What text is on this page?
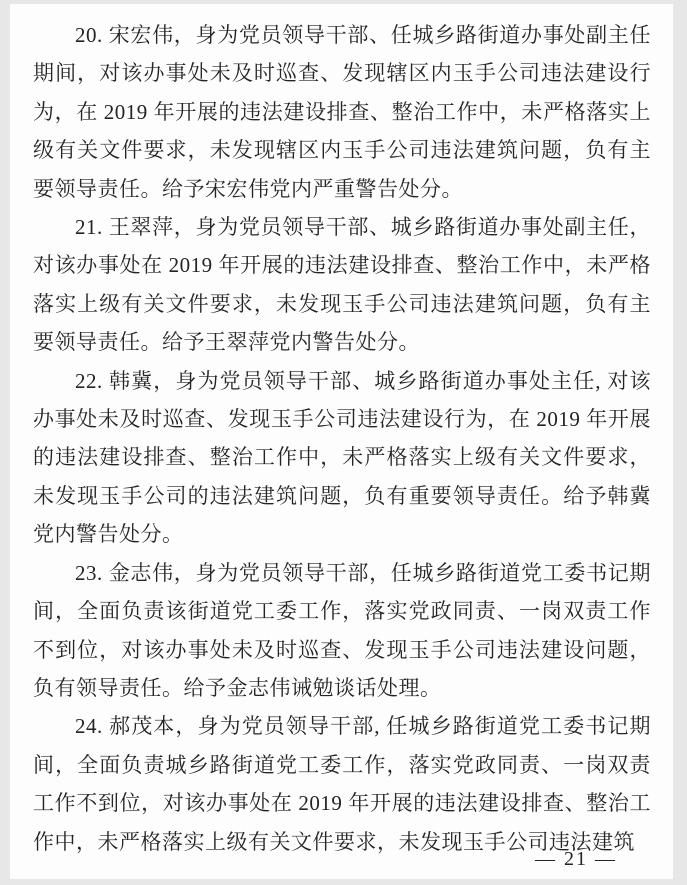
20. 宋宏伟，身为党员领导干部、任城乡路街道办事处副主任期间，对该办事处未及时巡查、发现辖区内玉手公司违法建设行为，在 2019 年开展的违法建设排查、整治工作中，未严格落实上级有关文件要求，未发现辖区内玉手公司违法建筑问题，负有主要领导责任。给予宋宏伟党内严重警告处分。

21. 王翠萍，身为党员领导干部、城乡路街道办事处副主任，对该办事处在 2019 年开展的违法建设排查、整治工作中，未严格落实上级有关文件要求，未发现玉手公司违法建筑问题，负有主要领导责任。给予王翠萍党内警告处分。

22. 韩冀，身为党员领导干部、城乡路街道办事处主任, 对该办事处未及时巡查、发现玉手公司违法建设行为，在 2019 年开展的违法建设排查、整治工作中，未严格落实上级有关文件要求，未发现玉手公司的违法建筑问题，负有重要领导责任。给予韩冀党内警告处分。

23. 金志伟，身为党员领导干部，任城乡路街道党工委书记期间，全面负责该街道党工委工作，落实党政同责、一岗双责工作不到位，对该办事处未及时巡查、发现玉手公司违法建设问题，负有领导责任。给予金志伟诫勉谈话处理。

24. 郝茂本，身为党员领导干部, 任城乡路街道党工委书记期间，全面负责城乡路街道党工委工作，落实党政同责、一岗双责工作不到位，对该办事处在 2019 年开展的违法建设排查、整治工作中，未严格落实上级有关文件要求，未发现玉手公司违法建筑

— 21 —
